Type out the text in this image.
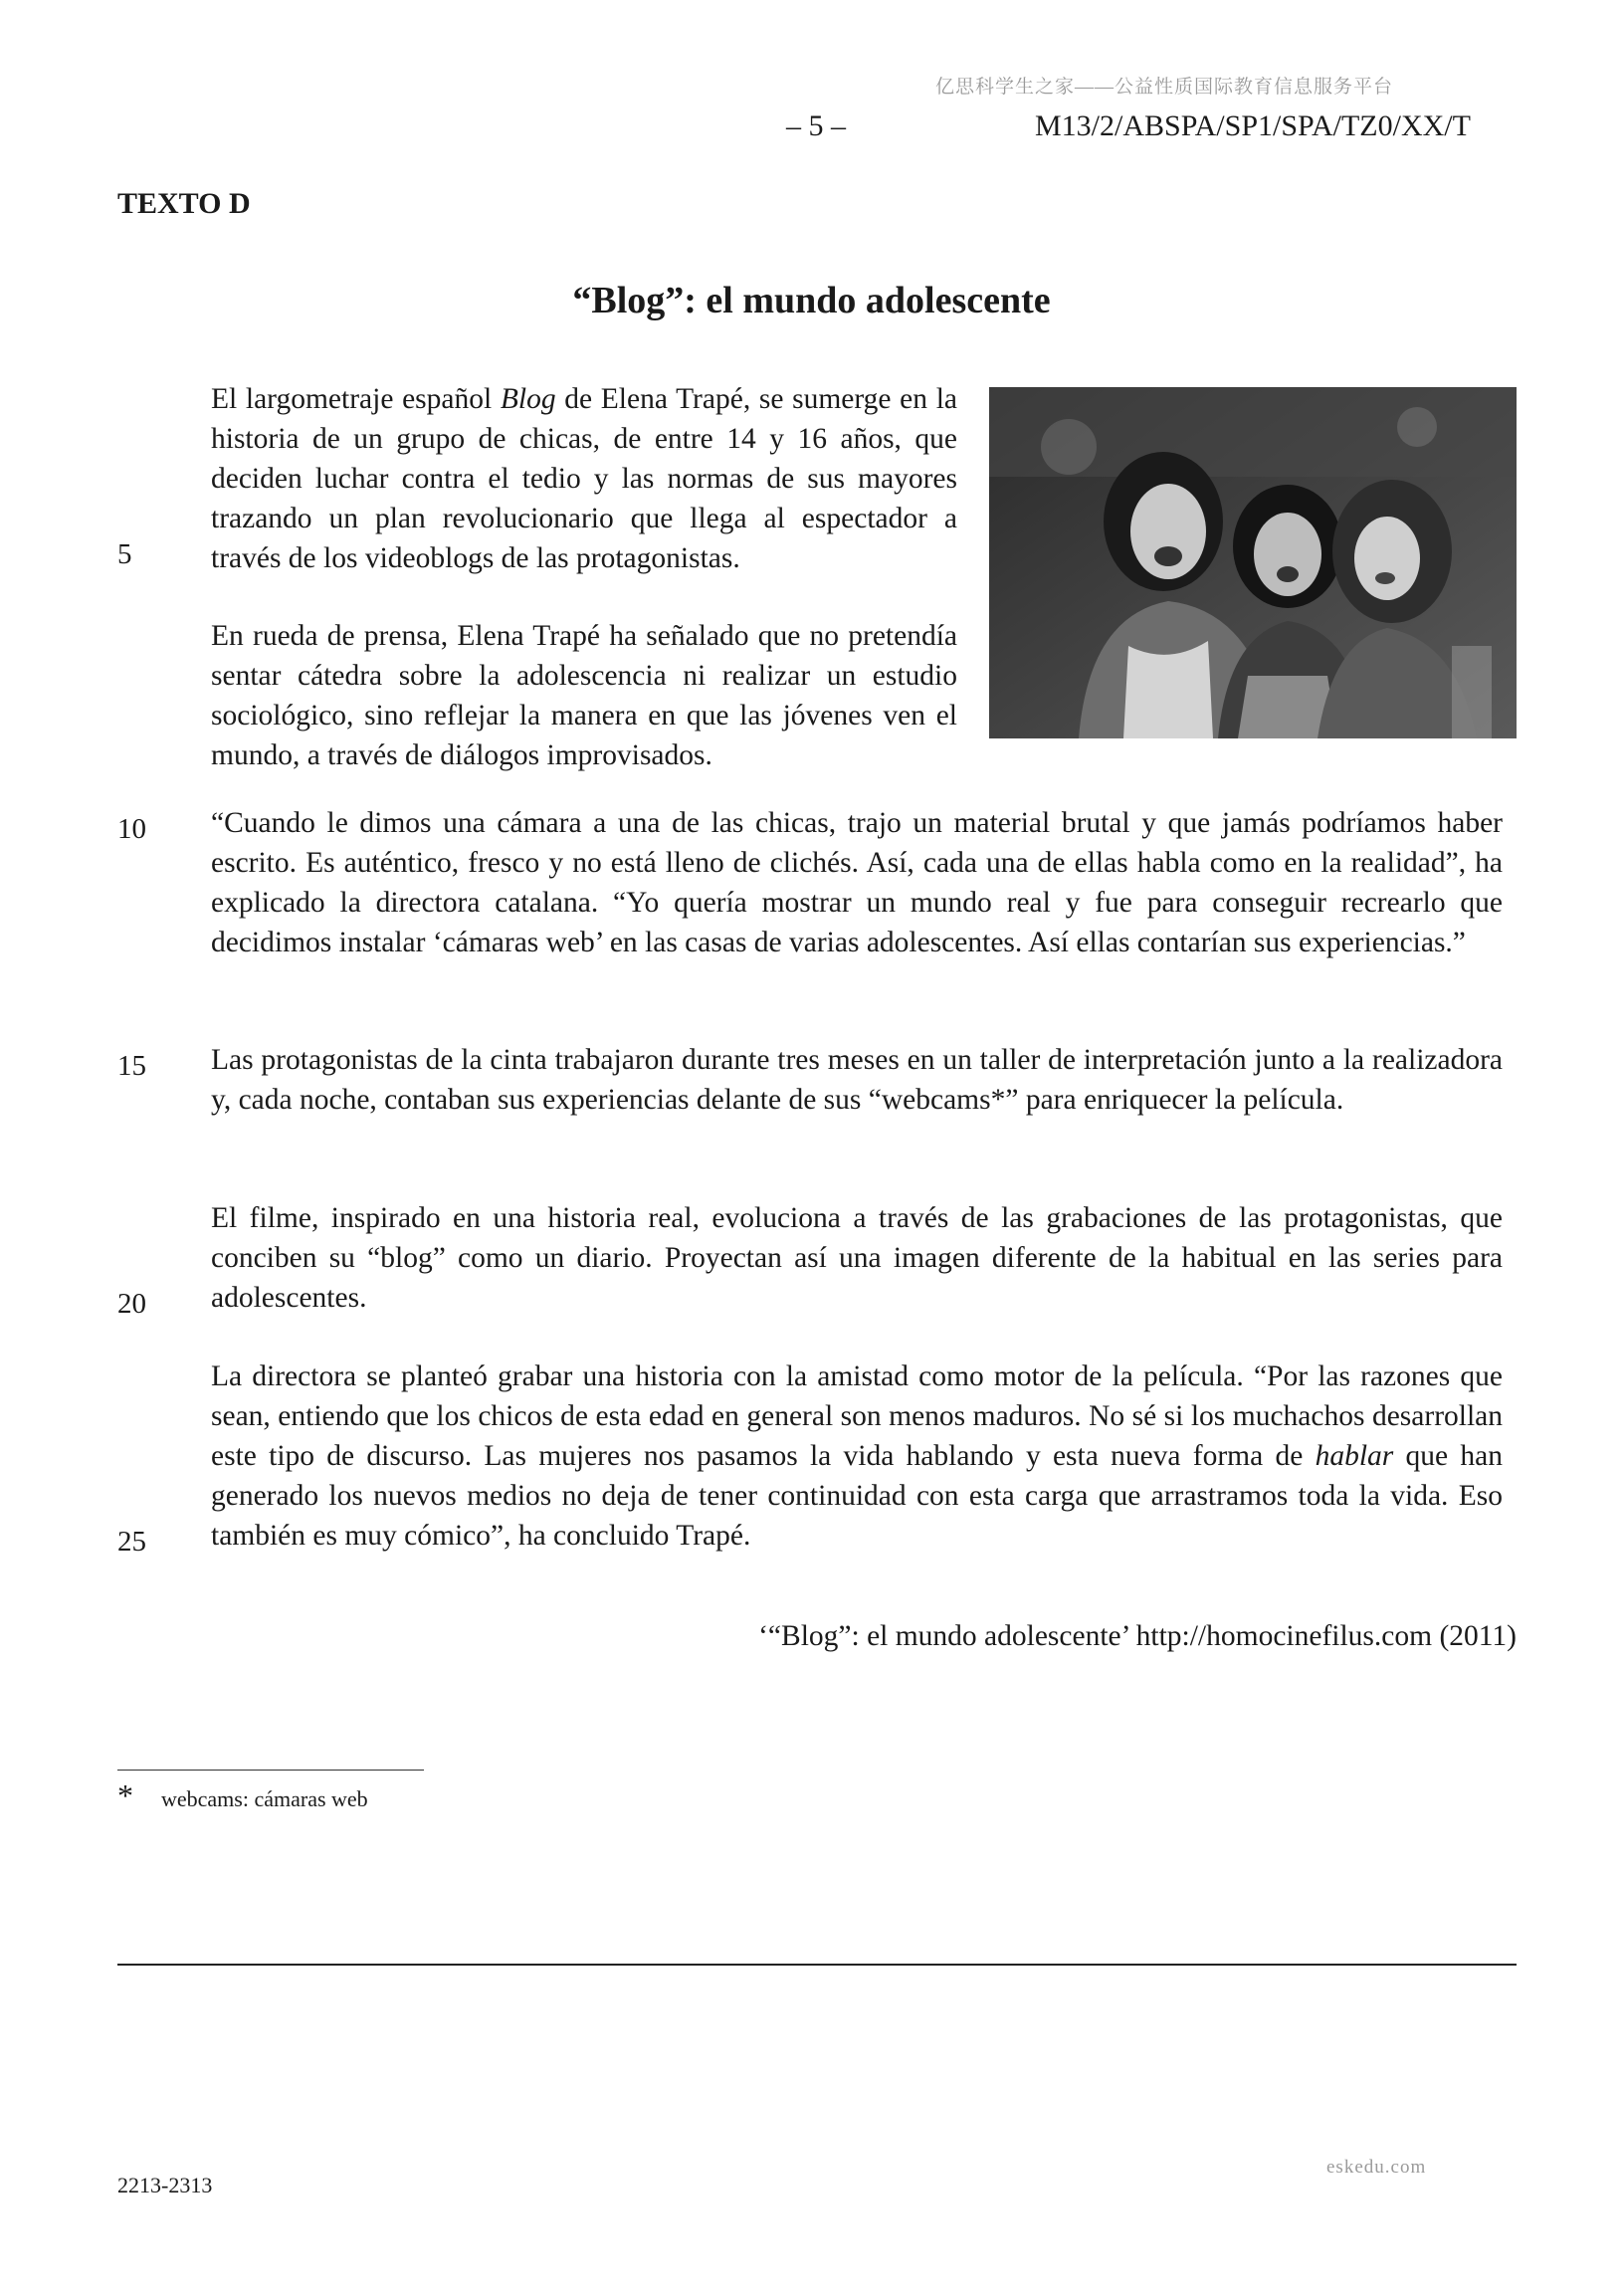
亿思科学生之家——公益性质国际教育信息服务平台
– 5 –	M13/2/ABSPA/SP1/SPA/TZ0/XX/T
TEXTO D
“Blog”: el mundo adolescente

El largometraje español Blog de Elena Trapé, se sumerge en la historia de un grupo de chicas, de entre 14 y 16 años, que deciden luchar contra el tedio y las normas de sus mayores trazando un plan revolucionario que llega al espectador a través de los videoblogs de las protagonistas.

En rueda de prensa, Elena Trapé ha señalado que no pretendía sentar cátedra sobre la adolescencia ni realizar un estudio sociológico, sino reflejar la manera en que las jóvenes ven el mundo, a través de diálogos improvisados.

“Cuando le dimos una cámara a una de las chicas, trajo un material brutal y que jamás podríamos haber escrito. Es auténtico, fresco y no está lleno de clichés. Así, cada una de ellas habla como en la realidad”, ha explicado la directora catalana. “Yo quería mostrar un mundo real y fue para conseguir recrearlo que decidimos instalar ‘cámaras web’ en las casas de varias adolescentes. Así ellas contarían sus experiencias.”

Las protagonistas de la cinta trabajaron durante tres meses en un taller de interpretación junto a la realizadora y, cada noche, contaban sus experiencias delante de sus “webcams*” para enriquecer la película.

El filme, inspirado en una historia real, evoluciona a través de las grabaciones de las protagonistas, que conciben su “blog” como un diario. Proyectan así una imagen diferente de la habitual en las series para adolescentes.

La directora se planteó grabar una historia con la amistad como motor de la película. “Por las razones que sean, entiendo que los chicos de esta edad en general son menos maduros. No sé si los muchachos desarrollan este tipo de discurso. Las mujeres nos pasamos la vida hablando y esta nueva forma de hablar que han generado los nuevos medios no deja de tener continuidad con esta carga que arrastramos toda la vida. Eso también es muy cómico”, ha concluido Trapé.

5
10
15
20
25
‘“Blog”: el mundo adolescente’ http://homocinefilus.com (2011)
* webcams: cámaras web
2213-2313
eskedu.com
